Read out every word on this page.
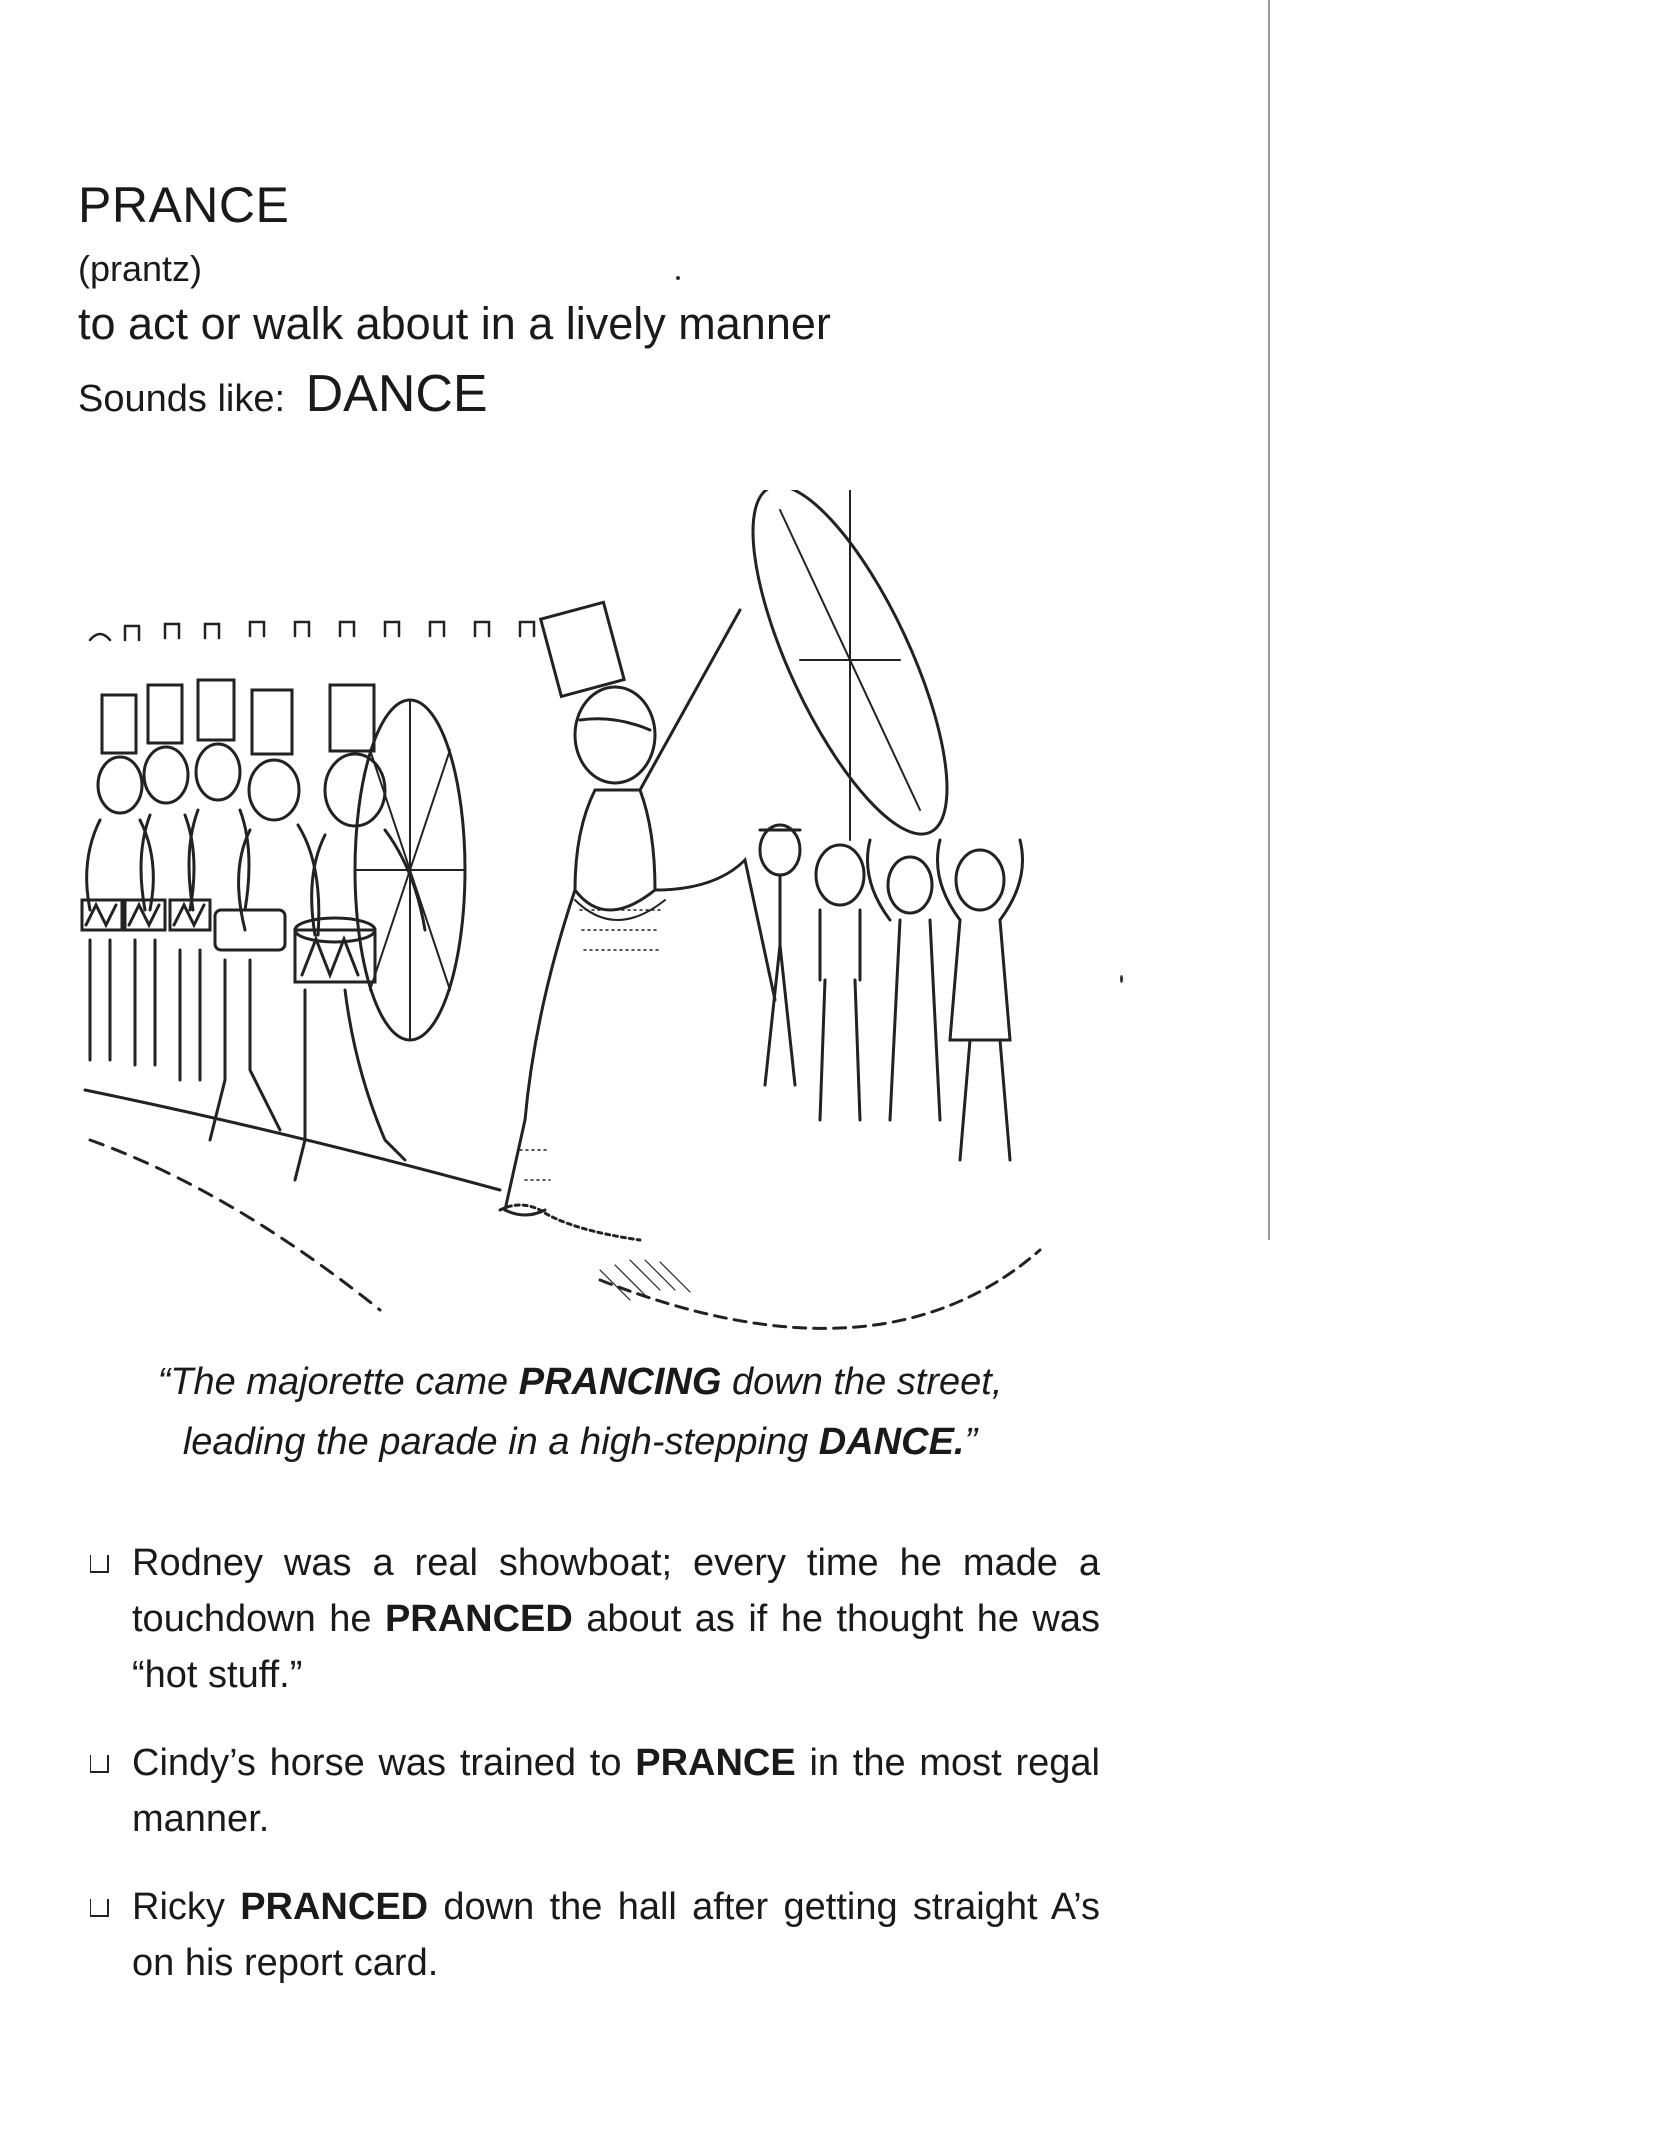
PRANCE
(prantz)
to act or walk about in a lively manner
Sounds like: DANCE
“The majorette came PRANCING down the street,
leading the parade in a high-stepping DANCE.”
Rodney was a real showboat; every time he made a touchdown he PRANCED about as if he thought he was “hot stuff.”
Cindy’s horse was trained to PRANCE in the most regal manner.
Ricky PRANCED down the hall after getting straight A’s on his report card.
